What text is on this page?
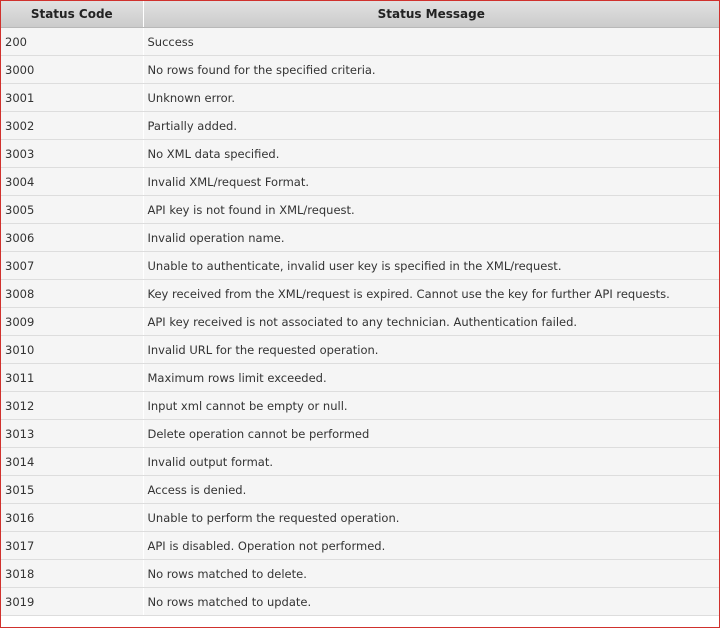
Status Code	Status Message
200	Success
3000	No rows found for the specified criteria.
3001	Unknown error.
3002	Partially added.
3003	No XML data specified.
3004	Invalid XML/request Format.
3005	API key is not found in XML/request.
3006	Invalid operation name.
3007	Unable to authenticate, invalid user key is specified in the XML/request.
3008	Key received from the XML/request is expired. Cannot use the key for further API requests.
3009	API key received is not associated to any technician. Authentication failed.
3010	Invalid URL for the requested operation.
3011	Maximum rows limit exceeded.
3012	Input xml cannot be empty or null.
3013	Delete operation cannot be performed
3014	Invalid output format.
3015	Access is denied.
3016	Unable to perform the requested operation.
3017	API is disabled. Operation not performed.
3018	No rows matched to delete.
3019	No rows matched to update.
